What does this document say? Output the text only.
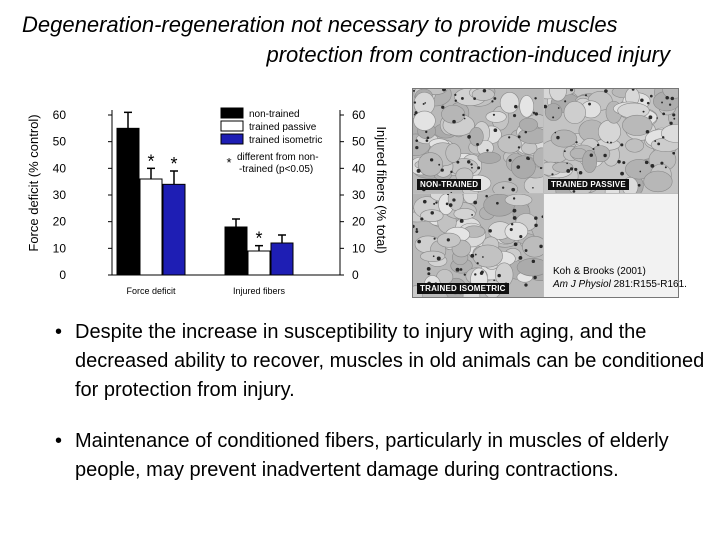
Degeneration-regeneration not necessary to provide muscles
protection from contraction-induced injury
0	0
10	10
20	20
30	30
40	40
50	50
60	60
Force deficit (% control)	Injured fibers (% total)
* *
Force deficit
*
Injured fibers
non-trained
trained passive
trained isometric
* different from non-
-trained (p<0.05)
NON-TRAINED	TRAINED PASSIVE
TRAINED ISOMETRIC
Koh & Brooks (2001)
Am J Physiol 281:R155-R161.
• Despite the increase in susceptibility to injury with aging, and the decreased ability to recover, muscles in old animals can be conditioned for protection from injury.
• Maintenance of conditioned fibers, particularly in muscles of elderly people, may prevent inadvertent damage during contractions.
